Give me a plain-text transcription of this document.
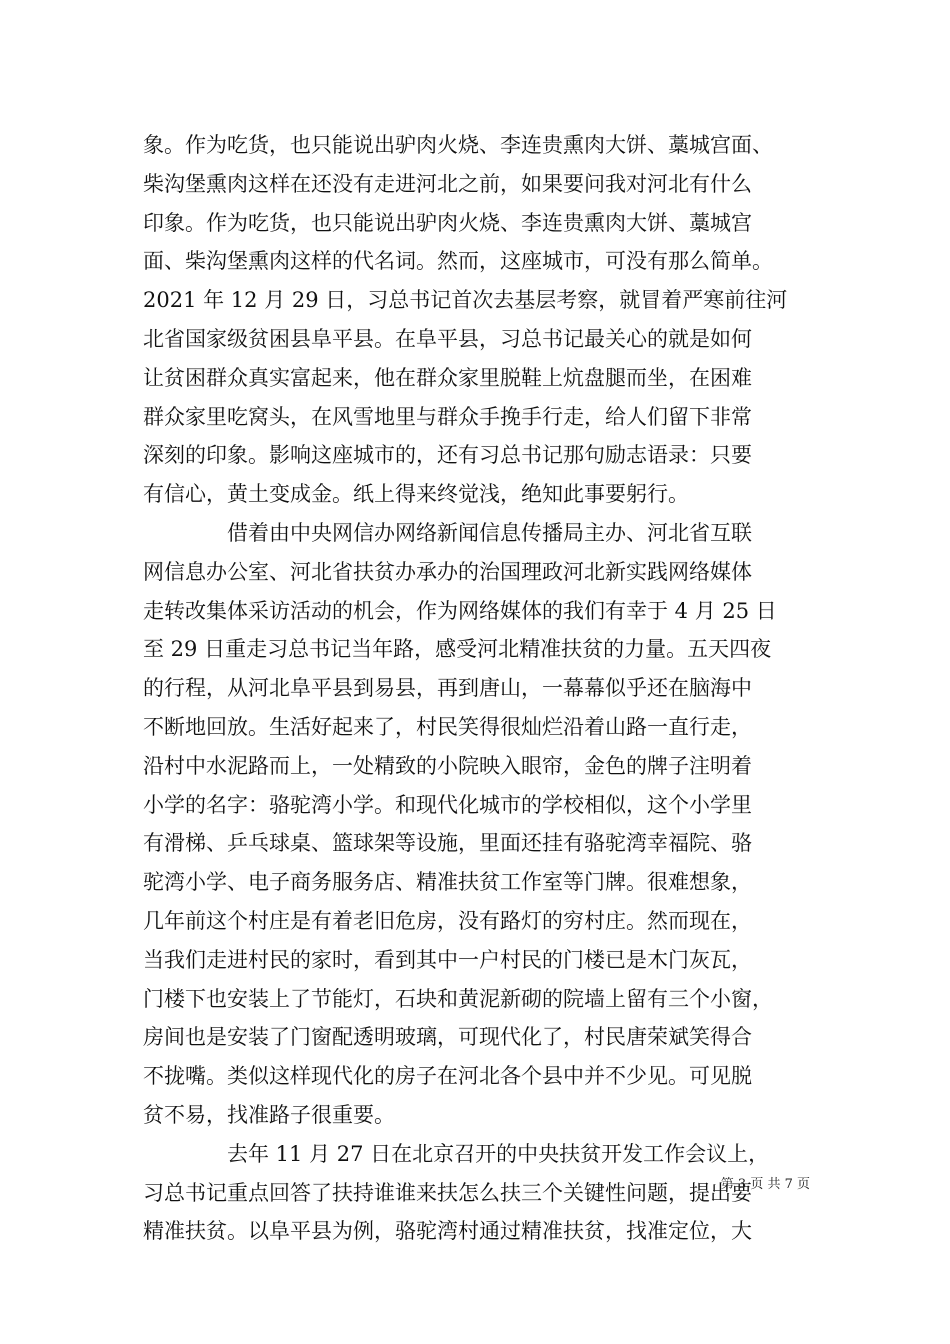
象。作为吃货，也只能说出驴肉火烧、李连贵熏肉大饼、藁城宫面、
柴沟堡熏肉这样在还没有走进河北之前，如果要问我对河北有什么
印象。作为吃货，也只能说出驴肉火烧、李连贵熏肉大饼、藁城宫
面、柴沟堡熏肉这样的代名词。然而，这座城市，可没有那么简单。
2021 年 12 月 29 日，习总书记首次去基层考察，就冒着严寒前往河
北省国家级贫困县阜平县。在阜平县，习总书记最关心的就是如何
让贫困群众真实富起来，他在群众家里脱鞋上炕盘腿而坐，在困难
群众家里吃窝头，在风雪地里与群众手挽手行走，给人们留下非常
深刻的印象。影响这座城市的，还有习总书记那句励志语录：只要
有信心，黄土变成金。纸上得来终觉浅，绝知此事要躬行。
　　　　借着由中央网信办网络新闻信息传播局主办、河北省互联
网信息办公室、河北省扶贫办承办的治国理政河北新实践网络媒体
走转改集体采访活动的机会，作为网络媒体的我们有幸于 4 月 25 日
至 29 日重走习总书记当年路，感受河北精准扶贫的力量。五天四夜
的行程，从河北阜平县到易县，再到唐山，一幕幕似乎还在脑海中
不断地回放。生活好起来了，村民笑得很灿烂沿着山路一直行走，
沿村中水泥路而上，一处精致的小院映入眼帘，金色的牌子注明着
小学的名字：骆驼湾小学。和现代化城市的学校相似，这个小学里
有滑梯、乒乓球桌、篮球架等设施，里面还挂有骆驼湾幸福院、骆
驼湾小学、电子商务服务店、精准扶贫工作室等门牌。很难想象，
几年前这个村庄是有着老旧危房，没有路灯的穷村庄。然而现在，
当我们走进村民的家时，看到其中一户村民的门楼已是木门灰瓦，
门楼下也安装上了节能灯，石块和黄泥新砌的院墙上留有三个小窗，
房间也是安装了门窗配透明玻璃，可现代化了，村民唐荣斌笑得合
不拢嘴。类似这样现代化的房子在河北各个县中并不少见。可见脱
贫不易，找准路子很重要。
　　　　去年 11 月 27 日在北京召开的中央扶贫开发工作会议上，
习总书记重点回答了扶持谁谁来扶怎么扶三个关键性问题，提出要
精准扶贫。以阜平县为例，骆驼湾村通过精准扶贫，找准定位，大
第 3 页 共 7 页
